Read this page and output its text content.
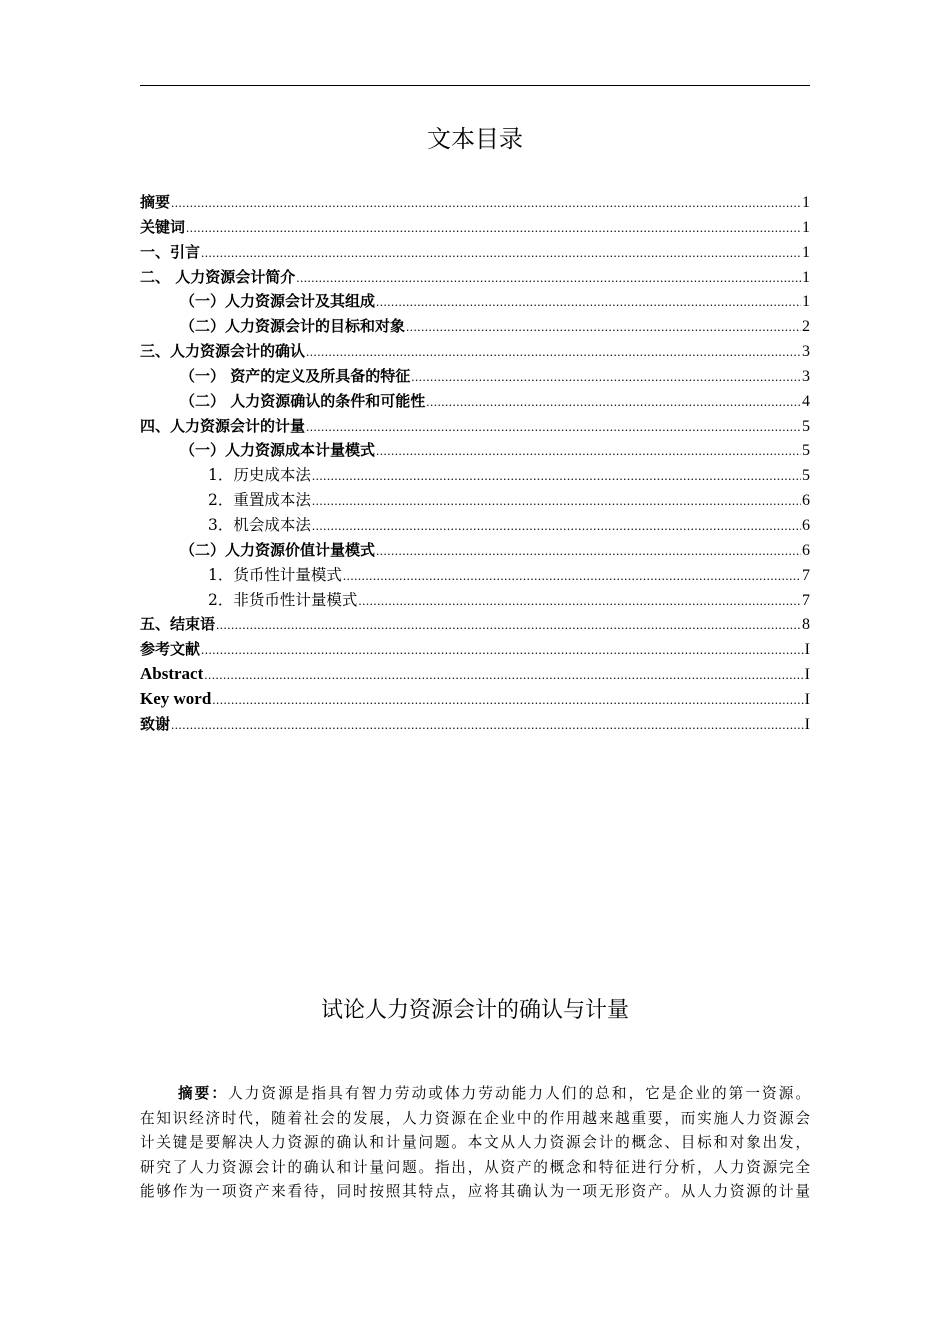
文本目录
摘要 .....	1
关键词 .....	1
一、引言 .....	1
二、 人力资源会计简介 .....	1
（一）人力资源会计及其组成 .....	1
（二）人力资源会计的目标和对象 .....	2
三、人力资源会计的确认 .....	3
（一） 资产的定义及所具备的特征 .....	3
（二） 人力资源确认的条件和可能性 .....	4
四、人力资源会计的计量 .....	5
（一）人力资源成本计量模式 .....	5
1．历史成本法 .....	5
2．重置成本法 .....	6
3．机会成本法 .....	6
（二）人力资源价值计量模式 .....	6
1．货币性计量模式 .....	7
2．非货币性计量模式 .....	7
五、结束语 .....	8
参考文献 .....	I
Abstract .....	I
Key word .....	I
致谢 .....	I
试论人力资源会计的确认与计量
摘要：人力资源是指具有智力劳动或体力劳动能力人们的总和，它是企业的第一资源。
在知识经济时代，随着社会的发展，人力资源在企业中的作用越来越重要，而实施人力资源会
计关键是要解决人力资源的确认和计量问题。本文从人力资源会计的概念、目标和对象出发，
研究了人力资源会计的确认和计量问题。指出，从资产的概念和特征进行分析，人力资源完全
能够作为一项资产来看待，同时按照其特点，应将其确认为一项无形资产。从人力资源的计量
